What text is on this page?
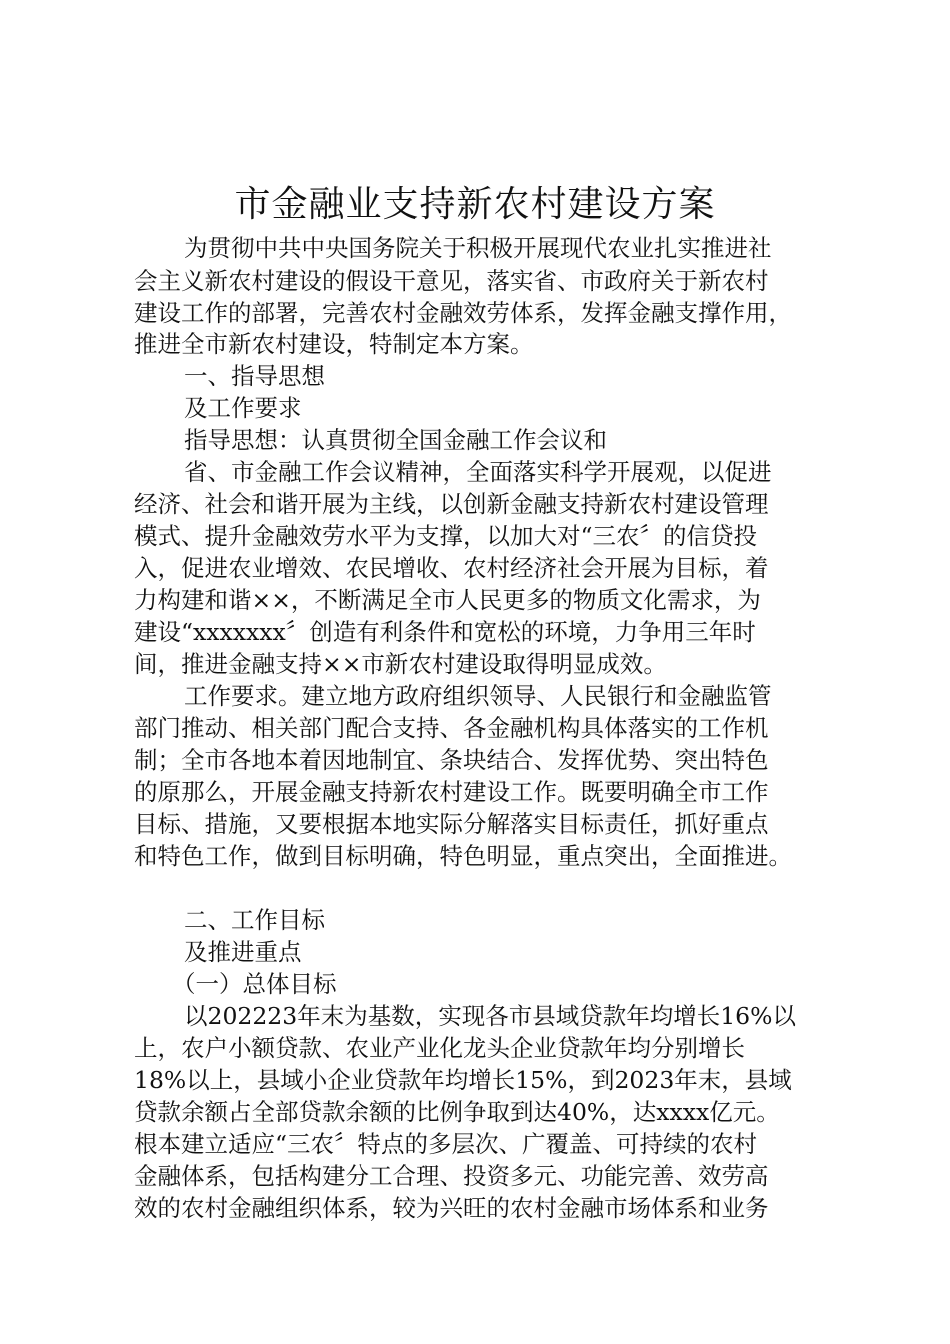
市金融业支持新农村建设方案

为贯彻中共中央国务院关于积极开展现代农业扎实推进社

会主义新农村建设的假设干意见，落实省、市政府关于新农村

建设工作的部署，完善农村金融效劳体系，发挥金融支撑作用，

推进全市新农村建设，特制定本方案。

一、指导思想

及工作要求

指导思想：认真贯彻全国金融工作会议和

省、市金融工作会议精神，全面落实科学开展观，以促进

经济、社会和谐开展为主线，以创新金融支持新农村建设管理

模式、提升金融效劳水平为支撑，以加大对“三农〞的信贷投

入，促进农业增效、农民增收、农村经济社会开展为目标，着

力构建和谐××，不断满足全市人民更多的物质文化需求，为

建设“xxxxxxx〞创造有利条件和宽松的环境，力争用三年时

间，推进金融支持××市新农村建设取得明显成效。

工作要求。建立地方政府组织领导、人民银行和金融监管

部门推动、相关部门配合支持、各金融机构具体落实的工作机

制；全市各地本着因地制宜、条块结合、发挥优势、突出特色

的原那么，开展金融支持新农村建设工作。既要明确全市工作

目标、措施，又要根据本地实际分解落实目标责任，抓好重点

和特色工作，做到目标明确，特色明显，重点突出，全面推进。

二、工作目标

及推进重点

（一）总体目标

以202223年末为基数，实现各市县域贷款年均增长16%以

上，农户小额贷款、农业产业化龙头企业贷款年均分别增长

18%以上，县域小企业贷款年均增长15%，到2023年末，县域

贷款余额占全部贷款余额的比例争取到达40%，达xxxx亿元。

根本建立适应“三农〞特点的多层次、广覆盖、可持续的农村

金融体系，包括构建分工合理、投资多元、功能完善、效劳高

效的农村金融组织体系，较为兴旺的农村金融市场体系和业务
